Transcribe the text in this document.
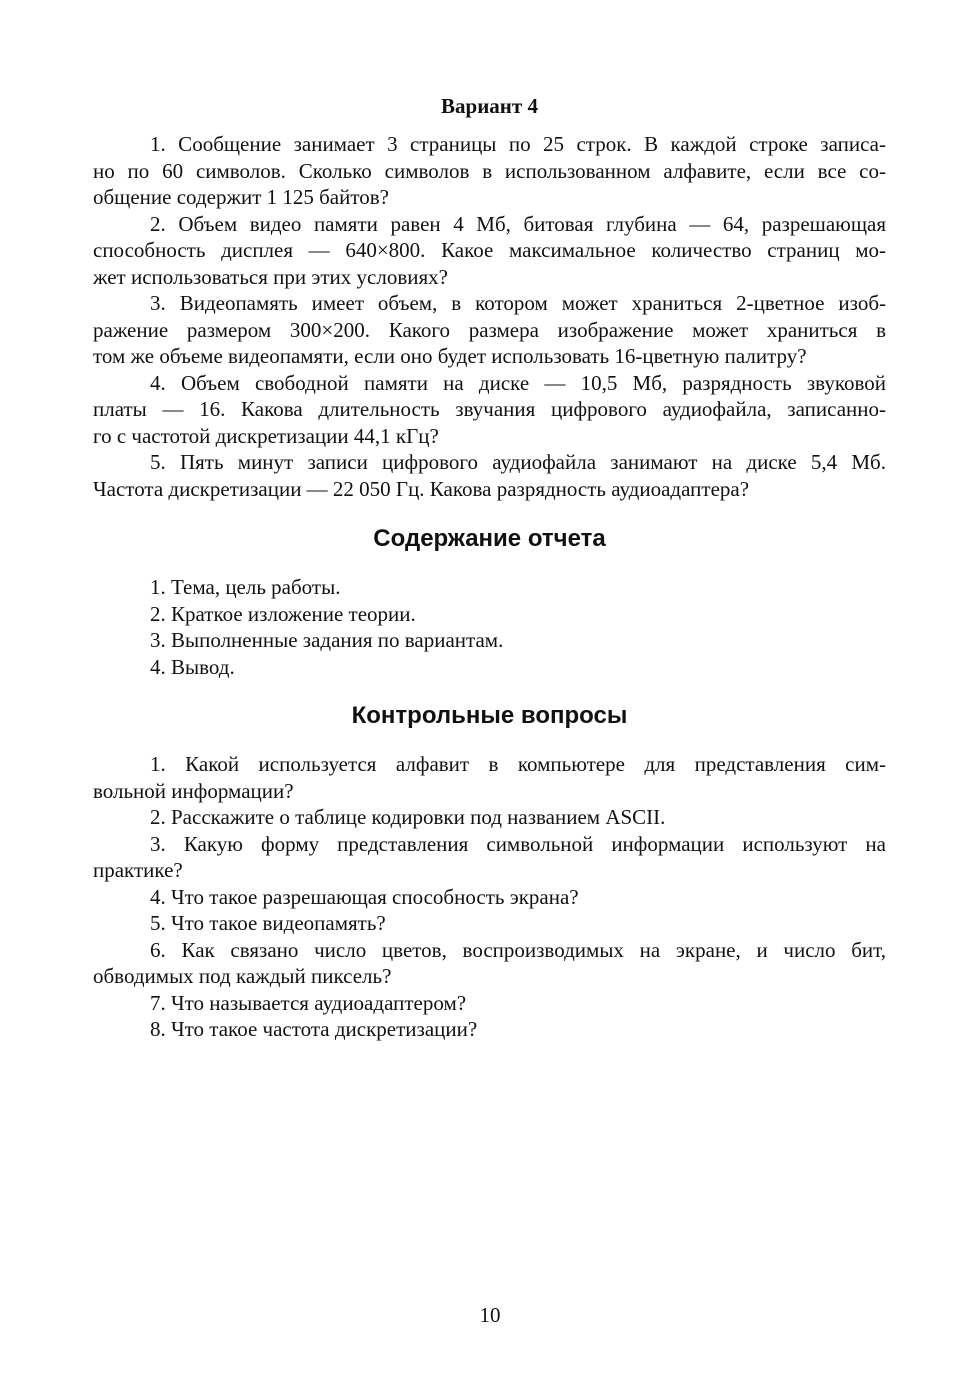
Вариант 4

1. Сообщение занимает 3 страницы по 25 строк. В каждой строке записа-
но по 60 символов. Сколько символов в использованном алфавите, если все со-
общение содержит 1 125 байтов?

2. Объем видео памяти равен 4 Мб, битовая глубина — 64, разрешающая
способность дисплея — 640×800. Какое максимальное количество страниц мо-
жет использоваться при этих условиях?

3. Видеопамять имеет объем, в котором может храниться 2-цветное изоб-
ражение размером 300×200. Какого размера изображение может храниться в
том же объеме видеопамяти, если оно будет использовать 16-цветную палитру?

4. Объем свободной памяти на диске — 10,5 Мб, разрядность звуковой
платы — 16. Какова длительность звучания цифрового аудиофайла, записанно-
го с частотой дискретизации 44,1 кГц?

5. Пять минут записи цифрового аудиофайла занимают на диске 5,4 Мб.
Частота дискретизации — 22 050 Гц. Какова разрядность аудиоадаптера?

Содержание отчета

1. Тема, цель работы.

2. Краткое изложение теории.

3. Выполненные задания по вариантам.

4. Вывод.

Контрольные вопросы

1. Какой используется алфавит в компьютере для представления сим-
вольной информации?

2. Расскажите о таблице кодировки под названием ASCII.

3. Какую форму представления символьной информации используют на
практике?

4. Что такое разрешающая способность экрана?

5. Что такое видеопамять?

6. Как связано число цветов, воспроизводимых на экране, и число бит,
обводимых под каждый пиксель?

7. Что называется аудиоадаптером?

8. Что такое частота дискретизации?

10
